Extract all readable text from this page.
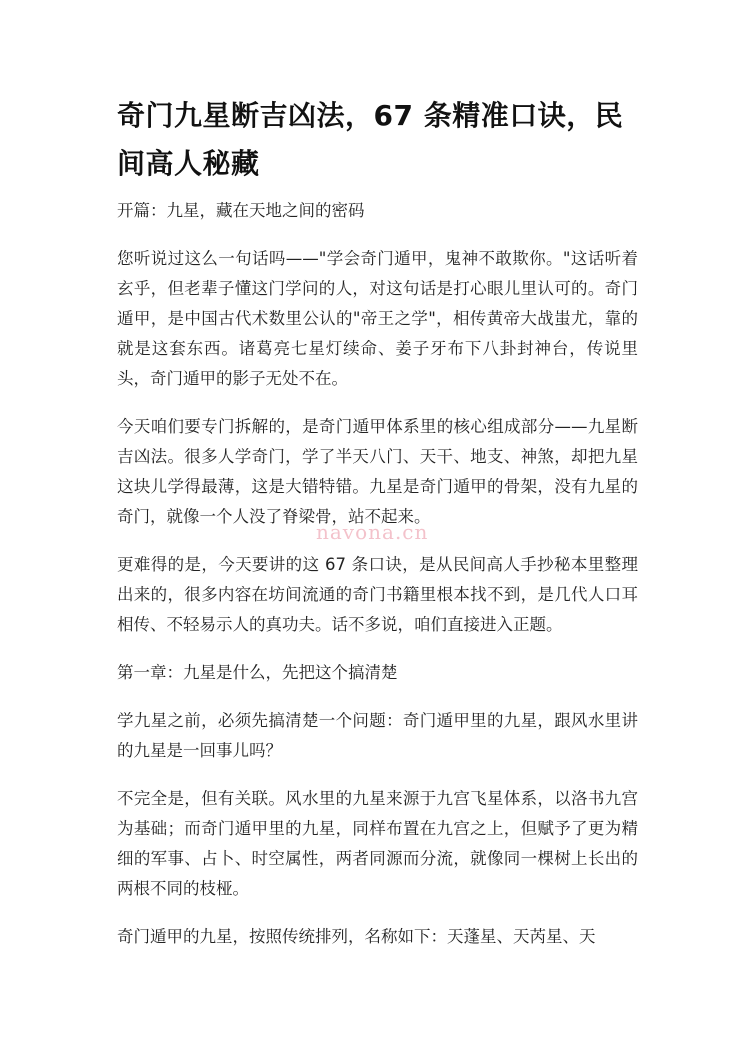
奇门九星断吉凶法，67 条精准口诀，民间高人秘藏

开篇：九星，藏在天地之间的密码

您听说过这么一句话吗——"学会奇门遁甲，鬼神不敢欺你。"这话听着玄乎，但老辈子懂这门学问的人，对这句话是打心眼儿里认可的。奇门遁甲，是中国古代术数里公认的"帝王之学"，相传黄帝大战蚩尤，靠的就是这套东西。诸葛亮七星灯续命、姜子牙布下八卦封神台，传说里头，奇门遁甲的影子无处不在。

今天咱们要专门拆解的，是奇门遁甲体系里的核心组成部分——九星断吉凶法。很多人学奇门，学了半天八门、天干、地支、神煞，却把九星这块儿学得最薄，这是大错特错。九星是奇门遁甲的骨架，没有九星的奇门，就像一个人没了脊梁骨，站不起来。

更难得的是，今天要讲的这 67 条口诀，是从民间高人手抄秘本里整理出来的，很多内容在坊间流通的奇门书籍里根本找不到，是几代人口耳相传、不轻易示人的真功夫。话不多说，咱们直接进入正题。

第一章：九星是什么，先把这个搞清楚

学九星之前，必须先搞清楚一个问题：奇门遁甲里的九星，跟风水里讲的九星是一回事儿吗？

不完全是，但有关联。风水里的九星来源于九宫飞星体系，以洛书九宫为基础；而奇门遁甲里的九星，同样布置在九宫之上，但赋予了更为精细的军事、占卜、时空属性，两者同源而分流，就像同一棵树上长出的两根不同的枝桠。

奇门遁甲的九星，按照传统排列，名称如下：天蓬星、天芮星、天

navona.cn
